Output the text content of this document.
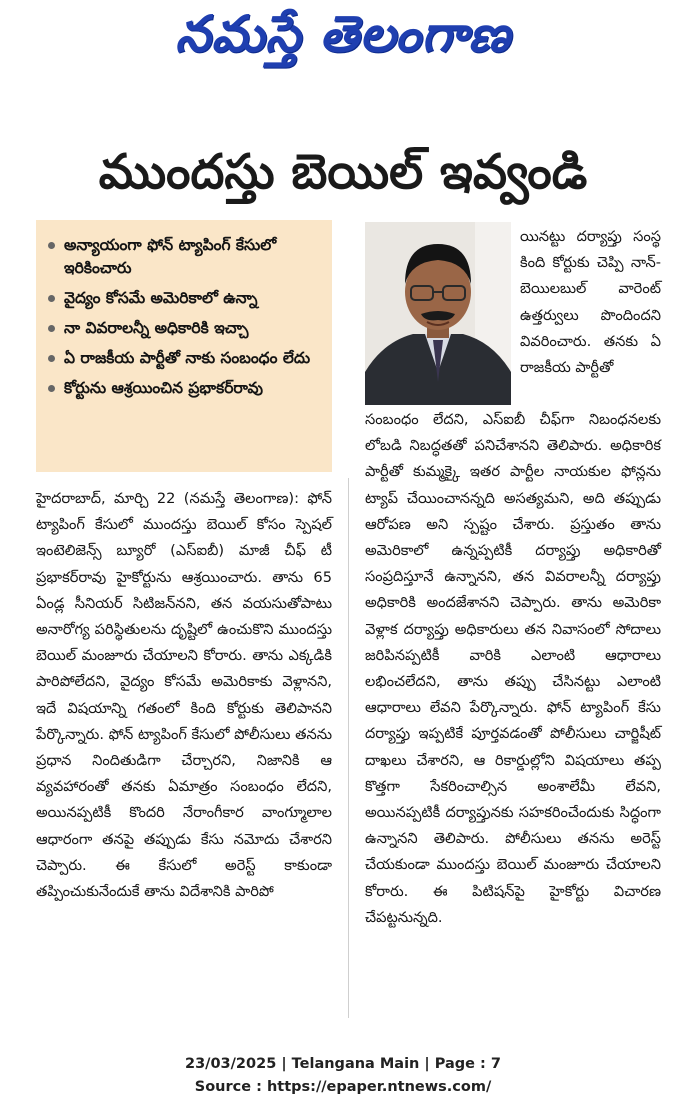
నమస్తే తెలంగాణ
ముందస్తు బెయిల్ ఇవ్వండి
అన్యాయంగా ఫోన్ ట్యాపింగ్ కేసులో ఇరికించారు
వైద్యం కోసమే అమెరికాలో ఉన్నా
నా వివరాలన్నీ అధికారికి ఇచ్చా
ఏ రాజకీయ పార్టీతో నాకు సంబంధం లేదు
కోర్టును ఆశ్రయించిన ప్రభాకర్‌రావు
యినట్టు దర్యాప్తు సంస్థ కింది కోర్టుకు చెప్పి నాన్-బెయిలబుల్ వారెంట్ ఉత్తర్వులు పొందిందని వివరించారు. తనకు ఏ రాజకీయ పార్టీతో
సంబంధం లేదని, ఎస్ఐబీ చీఫ్‌గా నిబంధనలకు లోబడి నిబద్ధతతో పనిచేశానని తెలిపారు. అధికారిక పార్టీతో కుమ్మక్కై ఇతర పార్టీల నాయకుల ఫోన్లను ట్యాప్ చేయించానన్నది అసత్యమని, అది తప్పుడు ఆరోపణ అని స్పష్టం చేశారు. ప్రస్తుతం తాను అమెరికాలో ఉన్నప్పటికీ దర్యాప్తు అధికారితో సంప్రదిస్తూనే ఉన్నానని, తన వివరాలన్నీ దర్యాప్తు అధికారికి అందజేశానని చెప్పారు. తాను అమెరికా వెళ్లాక దర్యాప్తు అధికారులు తన నివాసంలో సోదాలు జరిపినప్పటికీ వారికి ఎలాంటి ఆధారాలు లభించలేదని, తాను తప్పు చేసినట్టు ఎలాంటి ఆధారాలు లేవని పేర్కొన్నారు. ఫోన్ ట్యాపింగ్ కేసు దర్యాప్తు ఇప్పటికే పూర్తవడంతో పోలీసులు చార్జిషీట్ దాఖలు చేశారని, ఆ రికార్డుల్లోని విషయాలు తప్ప కొత్తగా సేకరించాల్సిన అంశాలేమీ లేవని, అయినప్పటికీ దర్యాప్తునకు సహకరించేందుకు సిద్ధంగా ఉన్నానని తెలిపారు. పోలీసులు తనను అరెస్ట్ చేయకుండా ముందస్తు బెయిల్ మంజూరు చేయాలని కోరారు. ఈ పిటిషన్‌పై హైకోర్టు విచారణ చేపట్టనున్నది.
హైదరాబాద్, మార్చి 22 (నమస్తే తెలంగాణ): ఫోన్ ట్యాపింగ్ కేసులో ముందస్తు బెయిల్ కోసం స్పెషల్ ఇంటెలిజెన్స్ బ్యూరో (ఎస్ఐబీ) మాజీ చీఫ్ టీ ప్రభాకర్‌రావు హైకోర్టును ఆశ్రయించారు. తాను 65 ఏండ్ల సీనియర్ సిటిజన్‌నని, తన వయసుతోపాటు అనారోగ్య పరిస్థితులను దృష్టిలో ఉంచుకొని ముందస్తు బెయిల్ మంజూరు చేయాలని కోరారు. తాను ఎక్కడికి పారిపోలేదని, వైద్యం కోసమే అమెరికాకు వెళ్లానని, ఇదే విషయాన్ని గతంలో కింది కోర్టుకు తెలిపానని పేర్కొన్నారు. ఫోన్ ట్యాపింగ్ కేసులో పోలీసులు తనను ప్రధాన నిందితుడిగా చేర్చారని, నిజానికి ఆ వ్యవహారంతో తనకు ఏమాత్రం సంబంధం లేదని, అయినప్పటికీ కొందరి నేరాంగీకార వాంగ్మూలాల ఆధారంగా తనపై తప్పుడు కేసు నమోదు చేశారని చెప్పారు. ఈ కేసులో అరెస్ట్ కాకుండా తప్పించుకునేందుకే తాను విదేశానికి పారిపో
23/03/2025 | Telangana Main | Page : 7
Source : https://epaper.ntnews.com/
